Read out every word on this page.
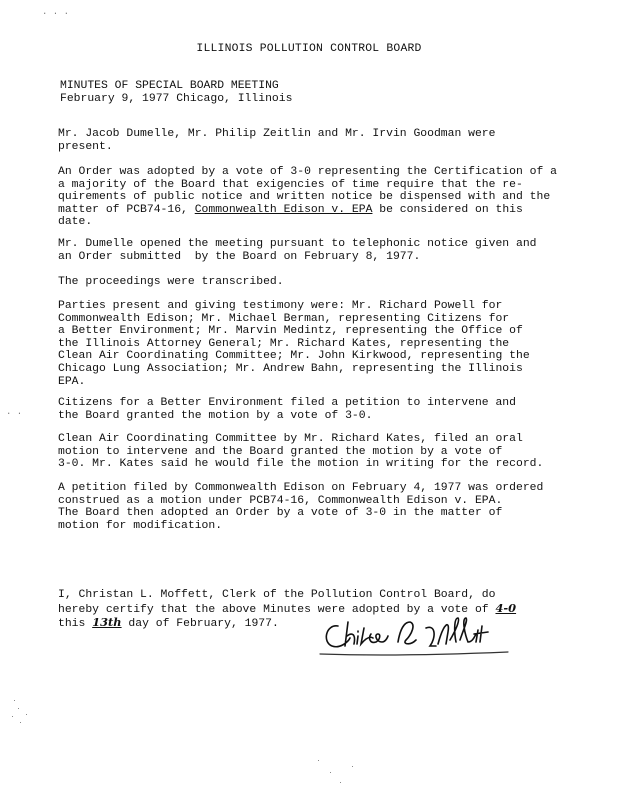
· · ·
· ·
ILLINOIS POLLUTION CONTROL BOARD
MINUTES OF SPECIAL BOARD MEETING
February 9, 1977 Chicago, Illinois
Mr. Jacob Dumelle, Mr. Philip Zeitlin and Mr. Irvin Goodman were
present.
An Order was adopted by a vote of 3-0 representing the Certification of a
a majority of the Board that exigencies of time require that the re-
quirements of public notice and written notice be dispensed with and the
matter of PCB74-16, Commonwealth Edison v. EPA be considered on this
date.
Mr. Dumelle opened the meeting pursuant to telephonic notice given and
an Order submitted  by the Board on February 8, 1977.
The proceedings were transcribed.
Parties present and giving testimony were: Mr. Richard Powell for
Commonwealth Edison; Mr. Michael Berman, representing Citizens for
a Better Environment; Mr. Marvin Medintz, representing the Office of
the Illinois Attorney General; Mr. Richard Kates, representing the
Clean Air Coordinating Committee; Mr. John Kirkwood, representing the
Chicago Lung Association; Mr. Andrew Bahn, representing the Illinois
EPA.
Citizens for a Better Environment filed a petition to intervene and
the Board granted the motion by a vote of 3-0.
Clean Air Coordinating Committee by Mr. Richard Kates, filed an oral
motion to intervene and the Board granted the motion by a vote of
3-0. Mr. Kates said he would file the motion in writing for the record.
A petition filed by Commonwealth Edison on February 4, 1977 was ordered
construed as a motion under PCB74-16, Commonwealth Edison v. EPA.
The Board then adopted an Order by a vote of 3-0 in the matter of
motion for modification.
I, Christan L. Moffett, Clerk of the Pollution Control Board, do
hereby certify that the above Minutes were adopted by a vote of 4-0
this 13th day of February, 1977.
